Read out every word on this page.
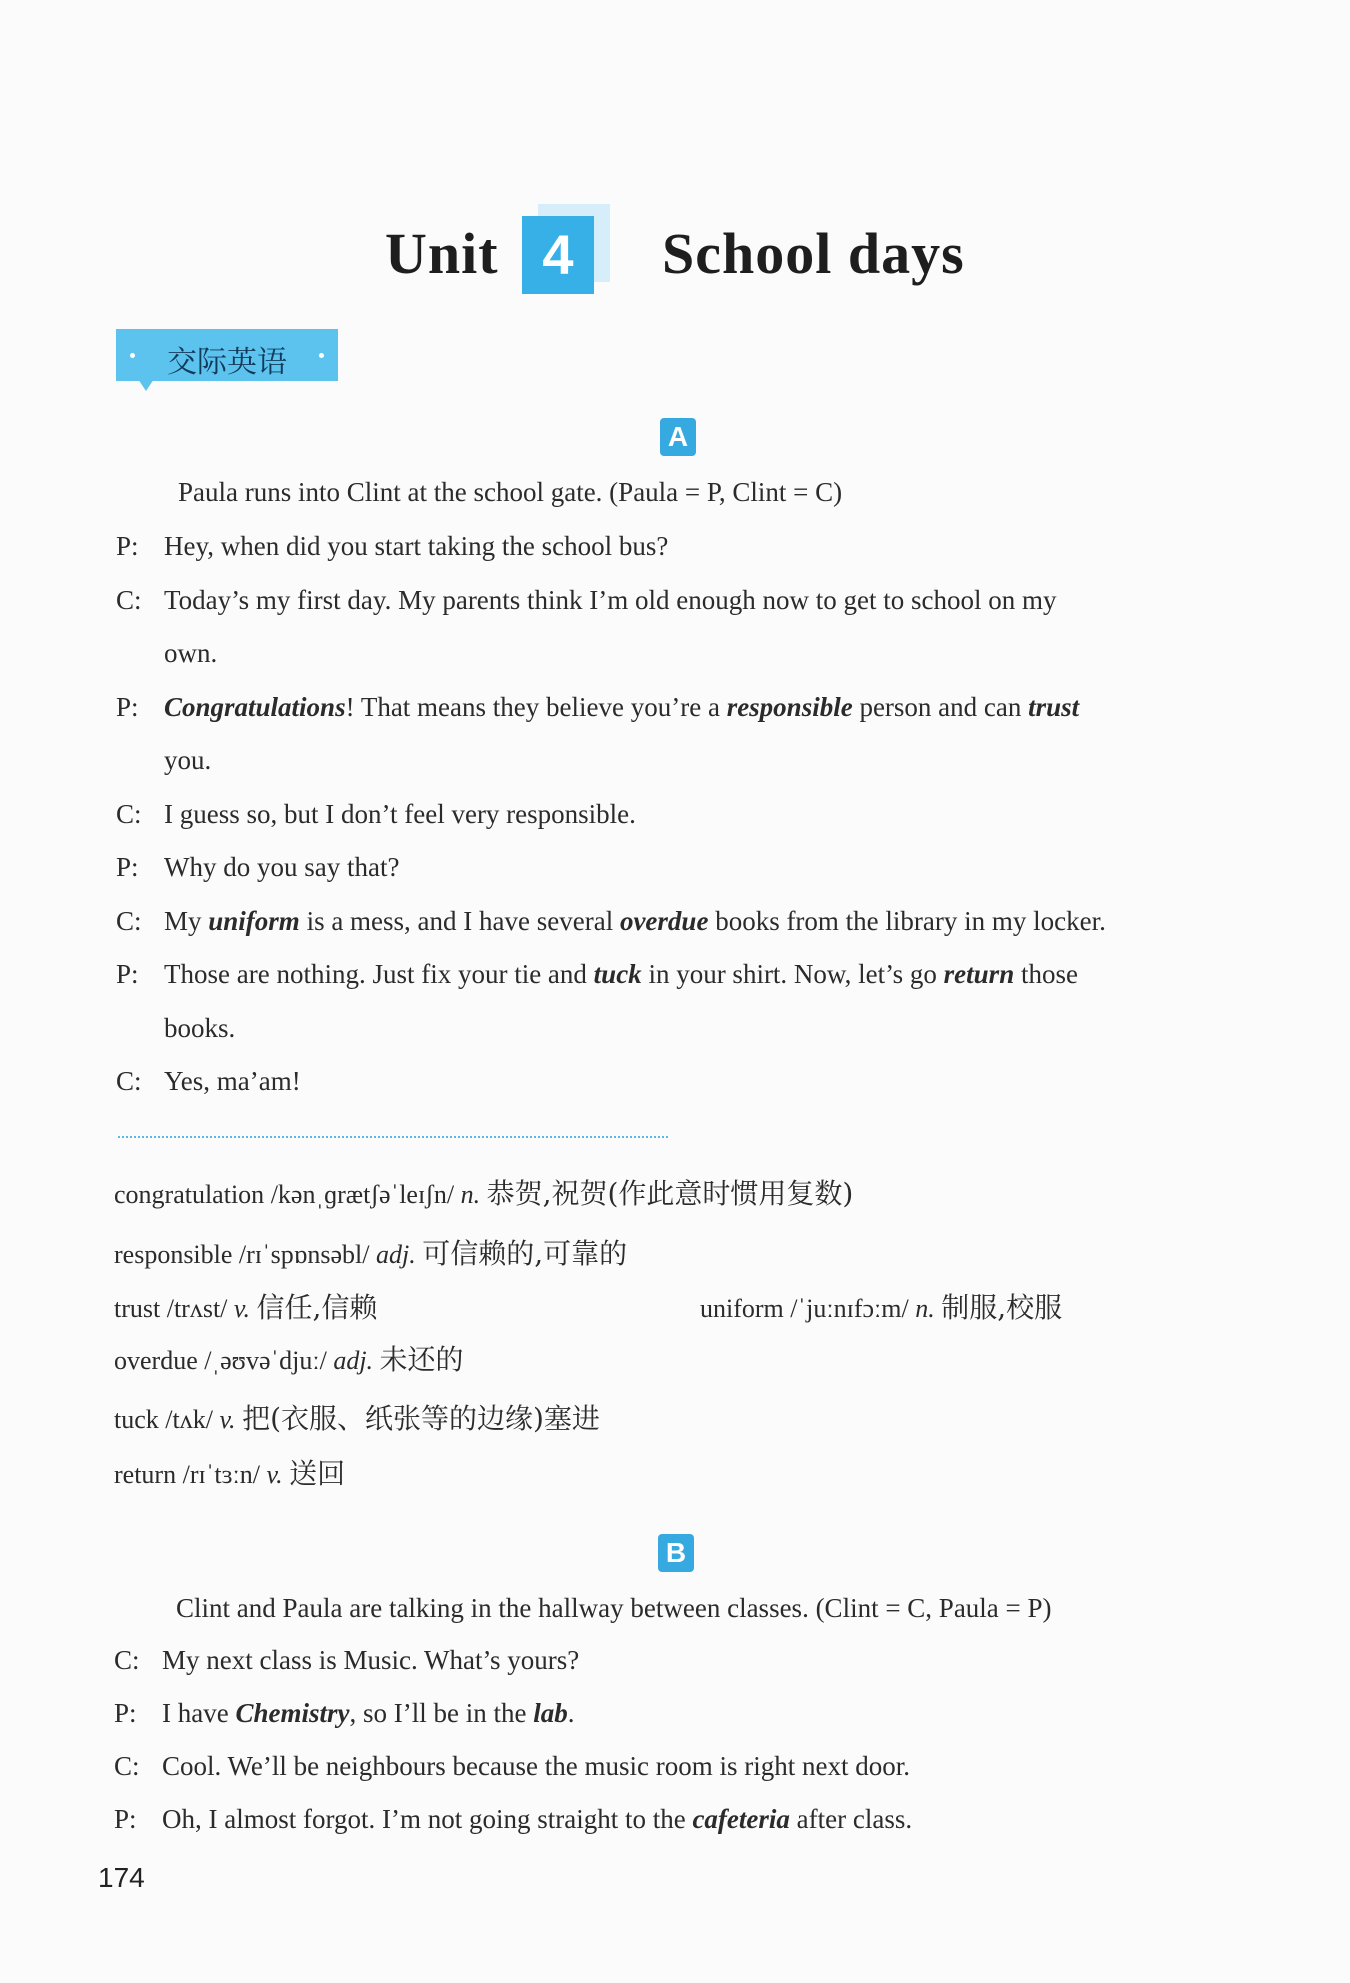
Unit 4	School days
交际英语
A
Paula runs into Clint at the school gate. (Paula = P, Clint = C)
P: Hey, when did you start taking the school bus?
C: Today’s my first day. My parents think I’m old enough now to get to school on my
own.
P: Congratulations! That means they believe you’re a responsible person and can trust
you.
C: I guess so, but I don’t feel very responsible.
P: Why do you say that?
C: My uniform is a mess, and I have several overdue books from the library in my locker.
P: Those are nothing. Just fix your tie and tuck in your shirt. Now, let’s go return those
books.
C: Yes, ma’am!
congratulation /kənˌɡrætʃəˈleɪʃn/ n. 恭贺,祝贺(作此意时惯用复数)
responsible /rɪˈspɒnsəbl/ adj. 可信赖的,可靠的
trust /trʌst/ v. 信任,信赖	uniform /ˈjuːnɪfɔːm/ n. 制服,校服
overdue /ˌəʊvəˈdjuː/ adj. 未还的
tuck /tʌk/ v. 把(衣服、纸张等的边缘)塞进
return /rɪˈtɜːn/ v. 送回
B
Clint and Paula are talking in the hallway between classes. (Clint = C, Paula = P)
C: My next class is Music. What’s yours?
P: I have Chemistry, so I’ll be in the lab.
C: Cool. We’ll be neighbours because the music room is right next door.
P: Oh, I almost forgot. I’m not going straight to the cafeteria after class.
174
